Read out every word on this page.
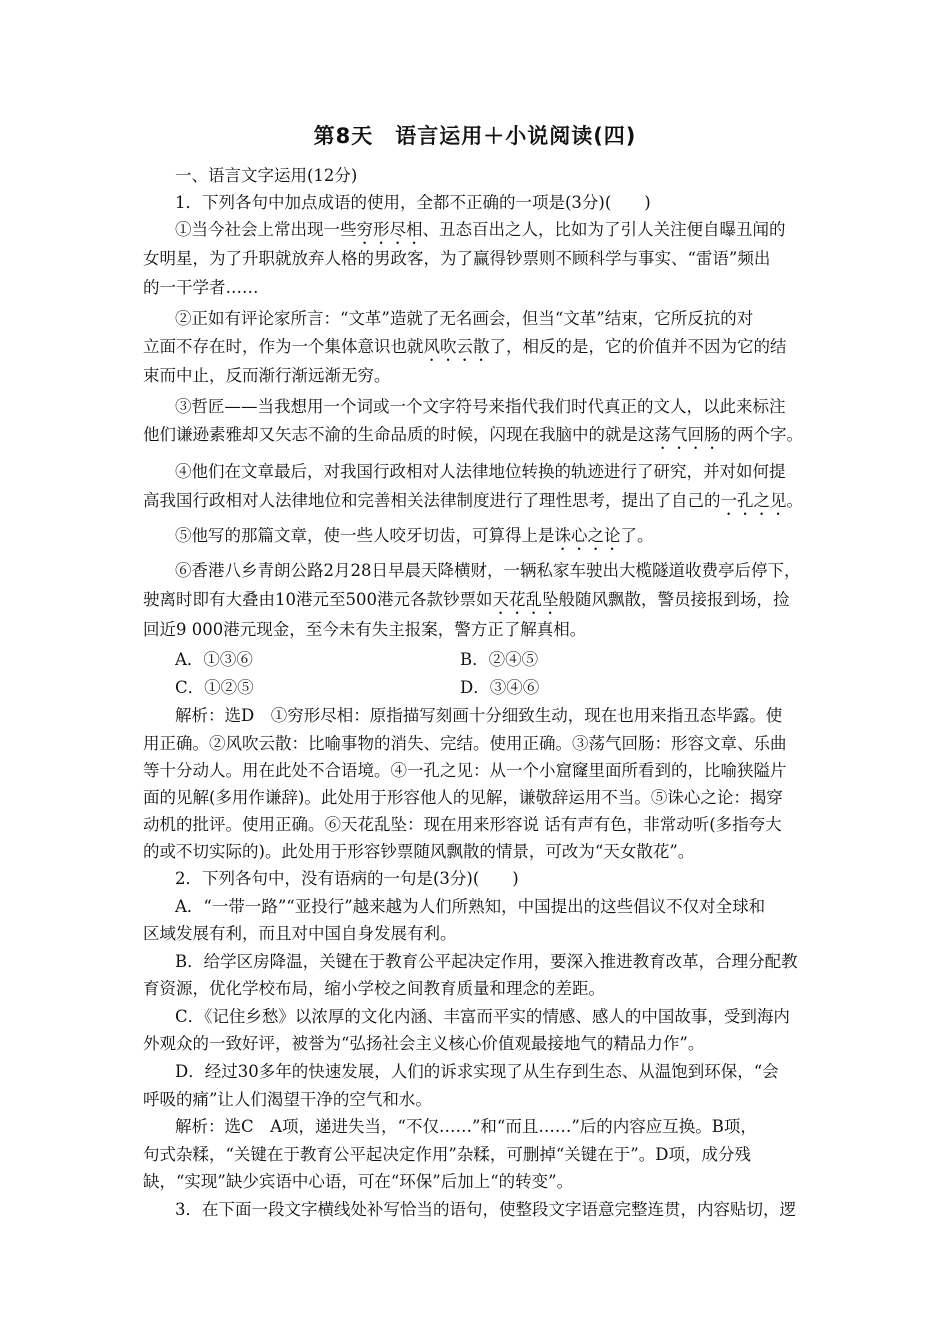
第8天　语言运用＋小说阅读(四)
一、语言文字运用(12分)
1．下列各句中加点成语的使用，全都不正确的一项是(3分)(　　)
①当今社会上常出现一些穷形尽相、丑态百出之人，比如为了引人关注便自曝丑闻的
女明星，为了升职就放弃人格的男政客，为了赢得钞票则不顾科学与事实、“雷语”频出
的一干学者……
②正如有评论家所言：“文革”造就了无名画会，但当“文革”结束，它所反抗的对
立面不存在时，作为一个集体意识也就风吹云散了，相反的是，它的价值并不因为它的结
束而中止，反而渐行渐远渐无穷。
③哲匠——当我想用一个词或一个文字符号来指代我们时代真正的文人，以此来标注
他们谦逊素雅却又矢志不渝的生命品质的时候，闪现在我脑中的就是这荡气回肠的两个字。
④他们在文章最后，对我国行政相对人法律地位转换的轨迹进行了研究，并对如何提
高我国行政相对人法律地位和完善相关法律制度进行了理性思考，提出了自己的一孔之见。
⑤他写的那篇文章，使一些人咬牙切齿，可算得上是诛心之论了。
⑥香港八乡青朗公路2月28日早晨天降横财，一辆私家车驶出大榄隧道收费亭后停下，
驶离时即有大叠由10港元至500港元各款钞票如天花乱坠般随风飘散，警员接报到场，捡
回近9 000港元现金，至今未有失主报案，警方正了解真相。
A．①③⑥	B．②④⑤
C．①②⑤	D．③④⑥
解析：选D　①穷形尽相：原指描写刻画十分细致生动，现在也用来指丑态毕露。使
用正确。②风吹云散：比喻事物的消失、完结。使用正确。③荡气回肠：形容文章、乐曲
等十分动人。用在此处不合语境。④一孔之见：从一个小窟窿里面所看到的，比喻狭隘片
面的见解(多用作谦辞)。此处用于形容他人的见解，谦敬辞运用不当。⑤诛心之论：揭穿
动机的批评。使用正确。⑥天花乱坠：现在用来形容说 话有声有色，非常动听(多指夸大
的或不切实际的)。此处用于形容钞票随风飘散的情景，可改为“天女散花”。
2．下列各句中，没有语病的一句是(3分)(　　)
A．“一带一路”“亚投行”越来越为人们所熟知，中国提出的这些倡议不仅对全球和
区域发展有利，而且对中国自身发展有利。
B．给学区房降温，关键在于教育公平起决定作用，要深入推进教育改革，合理分配教
育资源，优化学校布局，缩小学校之间教育质量和理念的差距。
C．《记住乡愁》以浓厚的文化内涵、丰富而平实的情感、感人的中国故事，受到海内
外观众的一致好评，被誉为“弘扬社会主义核心价值观最接地气的精品力作”。
D．经过30多年的快速发展，人们的诉求实现了从生存到生态、从温饱到环保，“会
呼吸的痛”让人们渴望干净的空气和水。
解析：选C　A项，递进失当，“不仅……”和“而且……”后的内容应互换。B项，
句式杂糅，“关键在于教育公平起决定作用”杂糅，可删掉“关键在于”。D项，成分残
缺，“实现”缺少宾语中心语，可在“环保”后加上“的转变”。
3．在下面一段文字横线处补写恰当的语句，使整段文字语意完整连贯，内容贴切，逻
